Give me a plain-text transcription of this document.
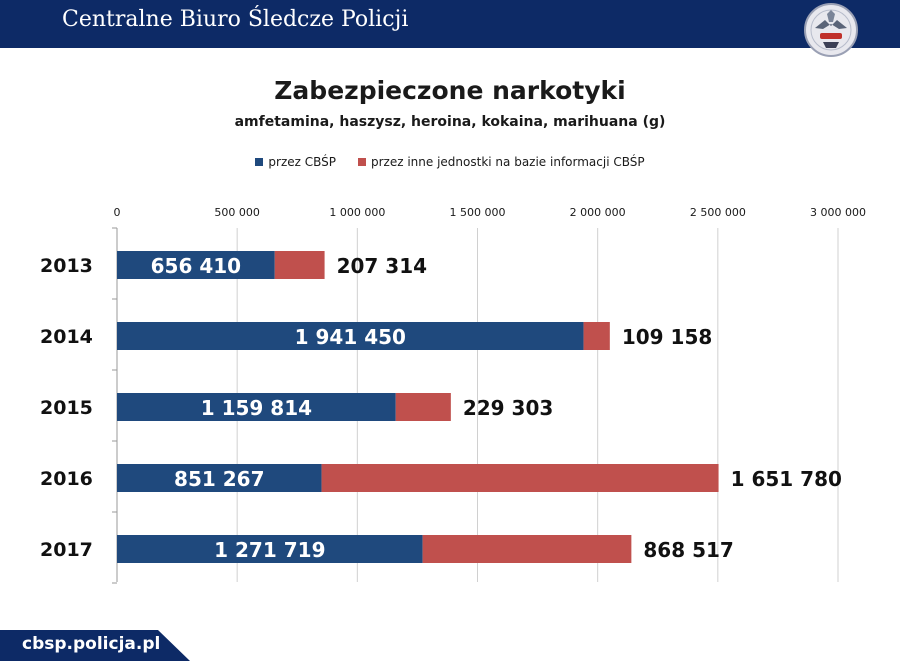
Centralne Biuro Śledcze Policji
Zabezpieczone narkotyki
amfetamina, haszysz, heroina, kokaina, marihuana (g)
przez CBŚP	przez inne jednostki na bazie informacji CBŚP
0	500 000	1 000 000	1 500 000	2 000 000	2 500 000	3 000 000
2013	656 410	207 314
2014	1 941 450	109 158
2015	1 159 814	229 303
2016	851 267	1 651 780
2017	1 271 719	868 517
cbsp.policja.pl
